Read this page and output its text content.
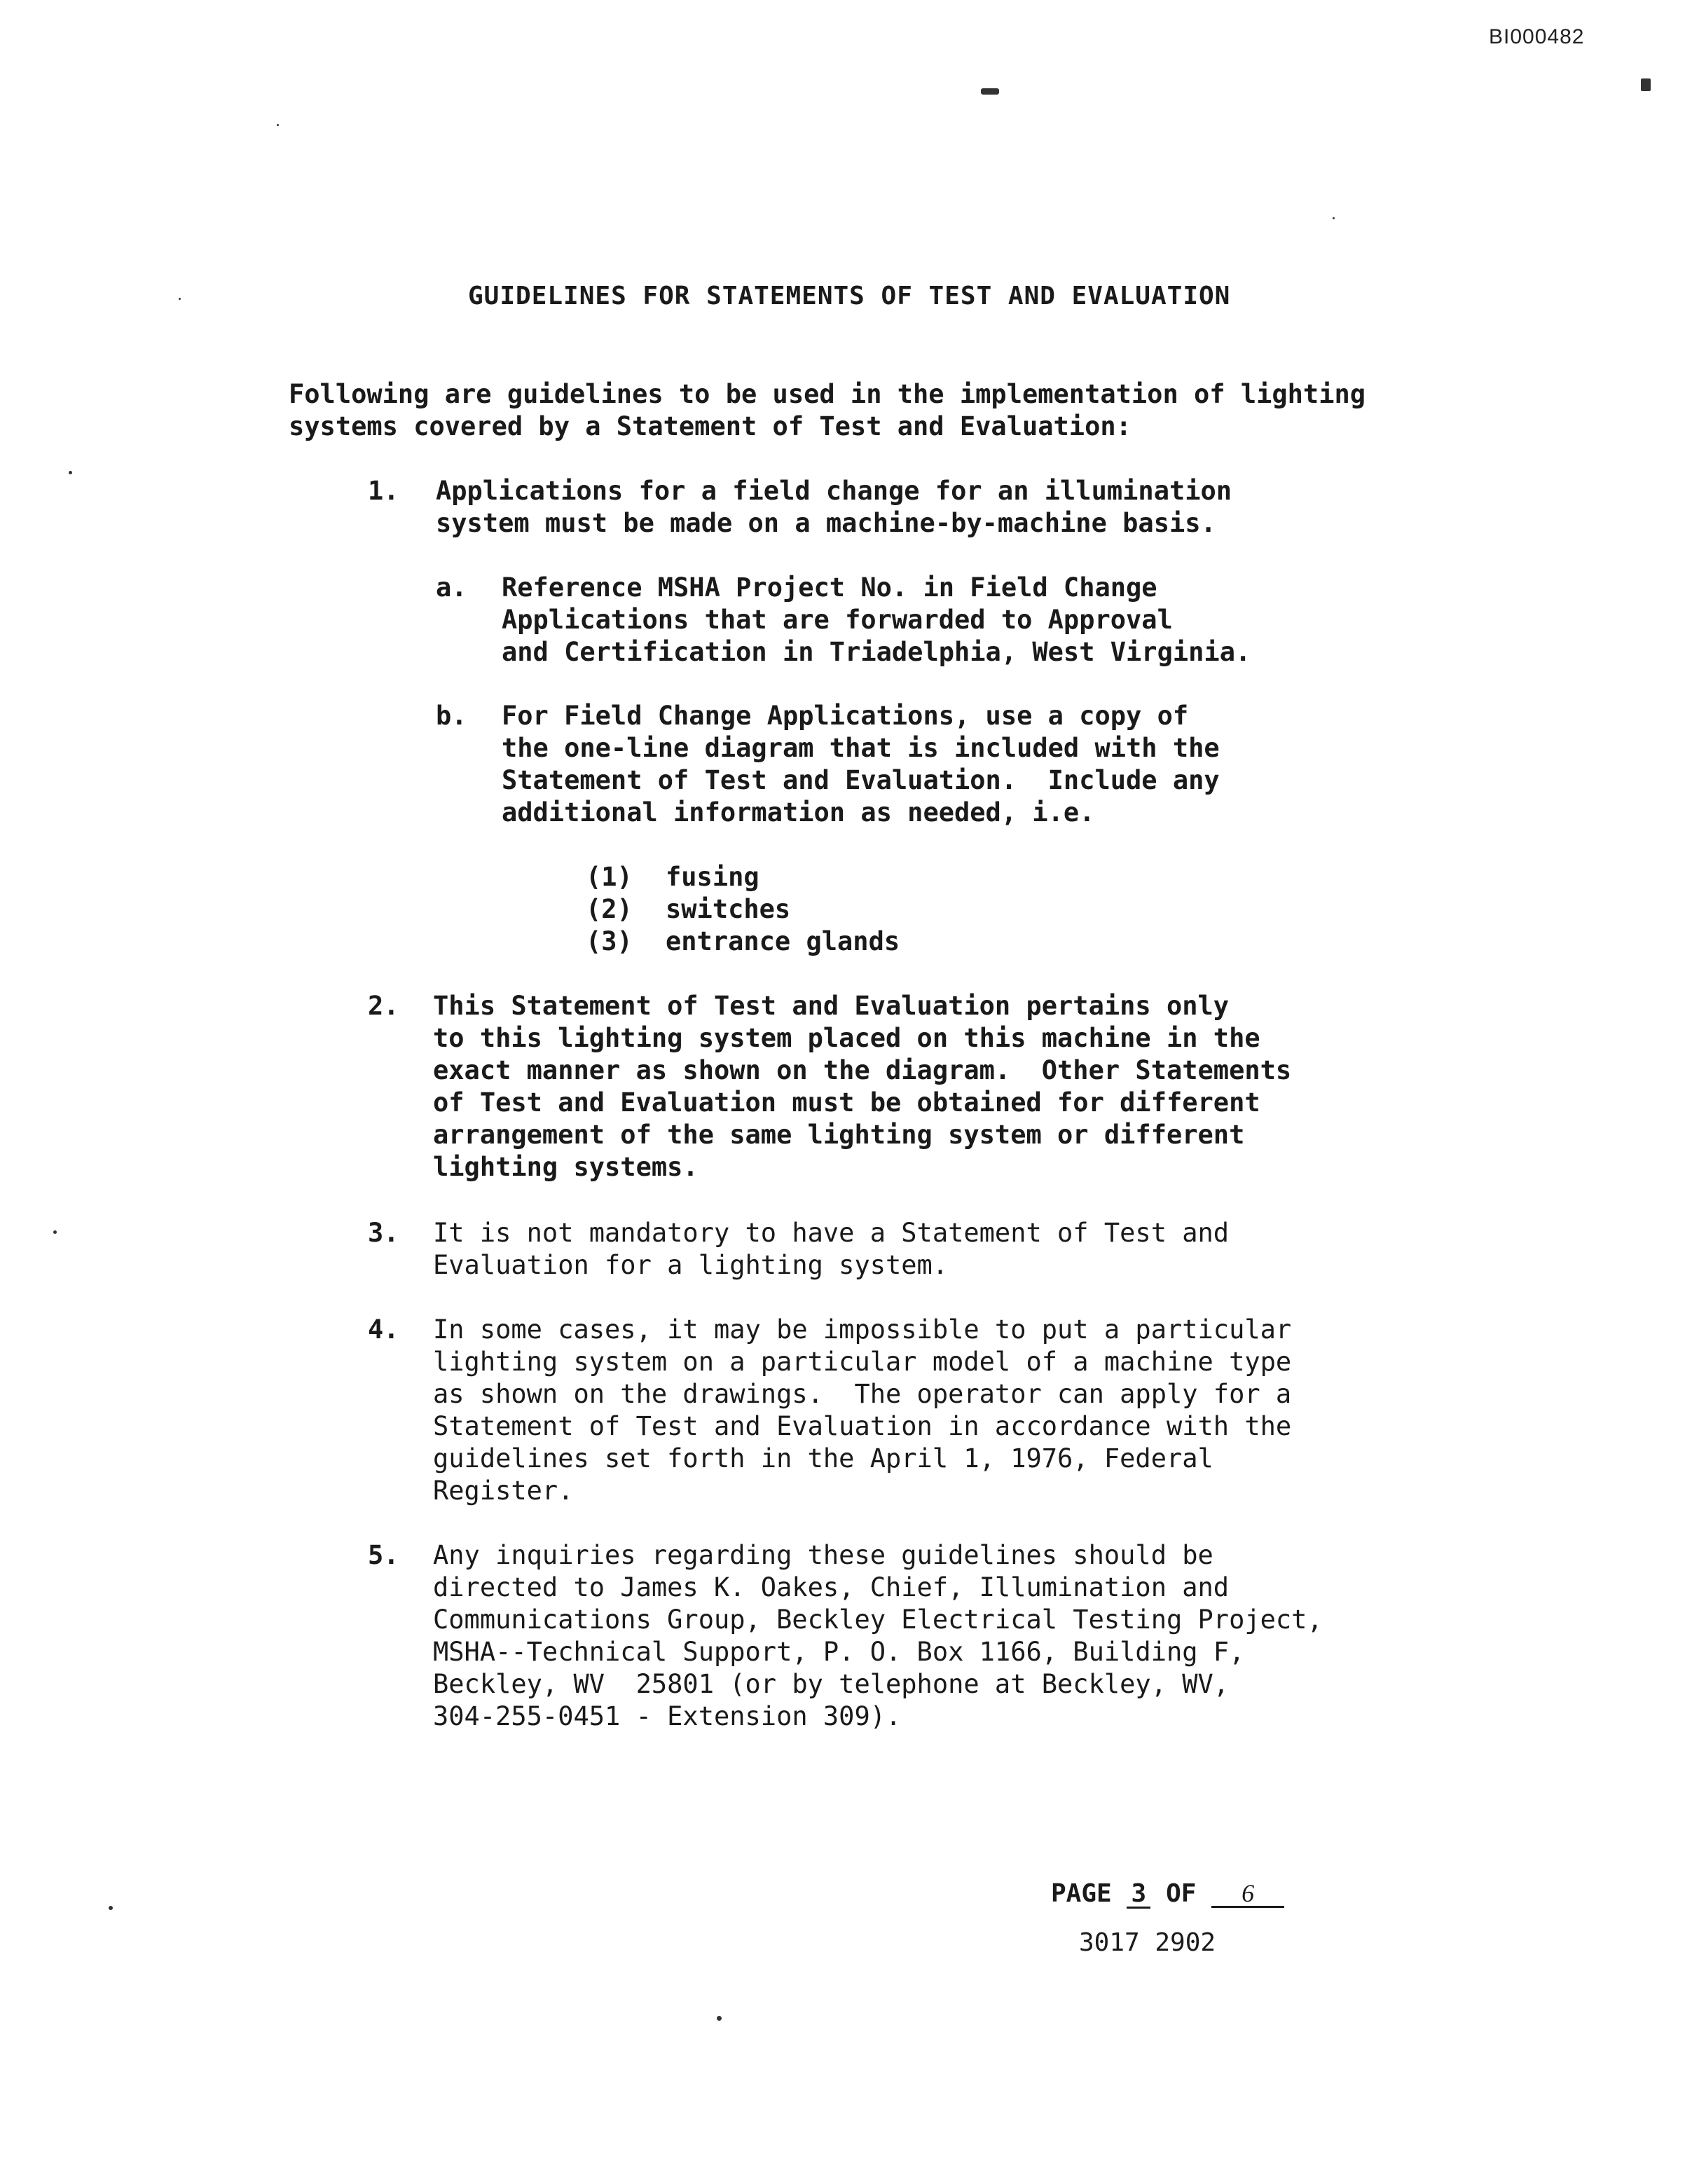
BI000482
GUIDELINES FOR STATEMENTS OF TEST AND EVALUATION
Following are guidelines to be used in the implementation of lighting
systems covered by a Statement of Test and Evaluation:
1. Applications for a field change for an illumination
system must be made on a machine-by-machine basis.
a. Reference MSHA Project No. in Field Change
Applications that are forwarded to Approval
and Certification in Triadelphia, West Virginia.
b. For Field Change Applications, use a copy of
the one-line diagram that is included with the
Statement of Test and Evaluation.  Include any
additional information as needed, i.e.
(1) fusing
(2) switches
(3) entrance glands
2. This Statement of Test and Evaluation pertains only
to this lighting system placed on this machine in the
exact manner as shown on the diagram.  Other Statements
of Test and Evaluation must be obtained for different
arrangement of the same lighting system or different
lighting systems.
3. It is not mandatory to have a Statement of Test and
Evaluation for a lighting system.
4. In some cases, it may be impossible to put a particular
lighting system on a particular model of a machine type
as shown on the drawings.  The operator can apply for a
Statement of Test and Evaluation in accordance with the
guidelines set forth in the April 1, 1976, Federal
Register.
5. Any inquiries regarding these guidelines should be
directed to James K. Oakes, Chief, Illumination and
Communications Group, Beckley Electrical Testing Project,
MSHA--Technical Support, P. O. Box 1166, Building F,
Beckley, WV  25801 (or by telephone at Beckley, WV,
304-255-0451 - Extension 309).
PAGE 3 OF 6
3017 2902
